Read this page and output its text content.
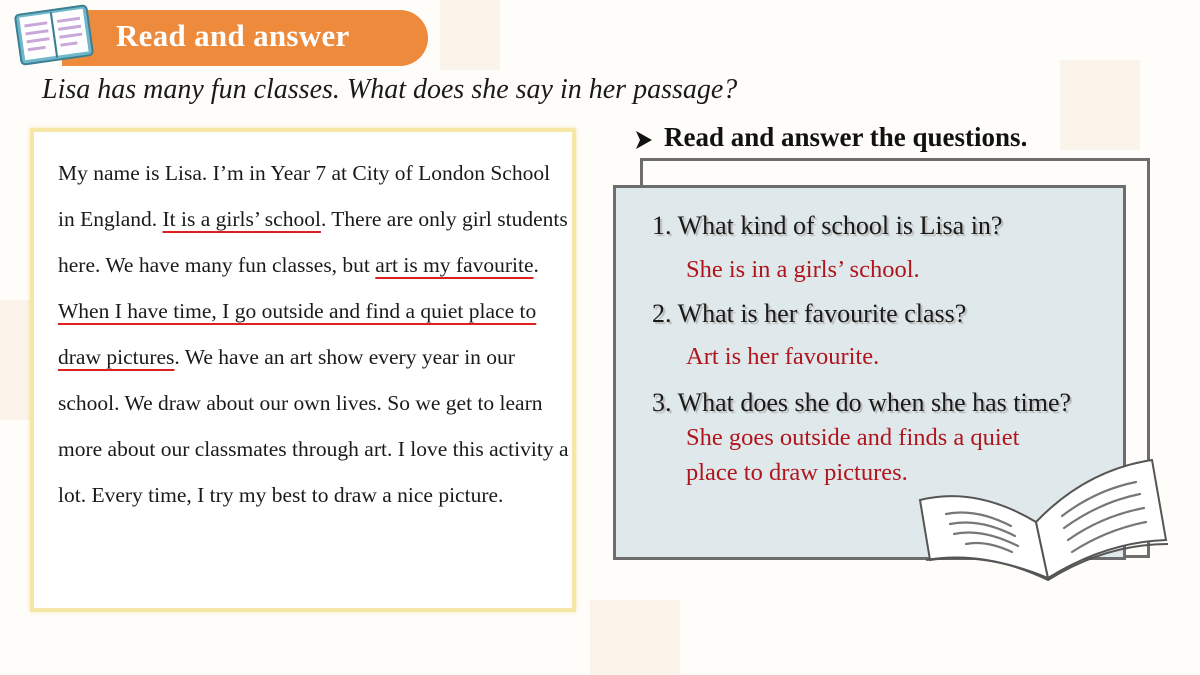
Read and answer
Lisa has many fun classes. What does she say in her passage?
My name is Lisa. I’m in Year 7 at City of London School in England. It is a girls’ school. There are only girl students here. We have many fun classes, but art is my favourite. When I have time, I go outside and find a quiet place to draw pictures. We have an art show every year in our school. We draw about our own lives. So we get to learn more about our classmates through art. I love this activity a lot. Every time, I try my best to draw a nice picture.
Read and answer the questions.
1. What kind of school is Lisa in?
She is in a girls’ school.
2. What is her favourite class?
Art is her favourite.
3. What does she do when she has time?
She goes outside and finds a quiet
place to draw pictures.
